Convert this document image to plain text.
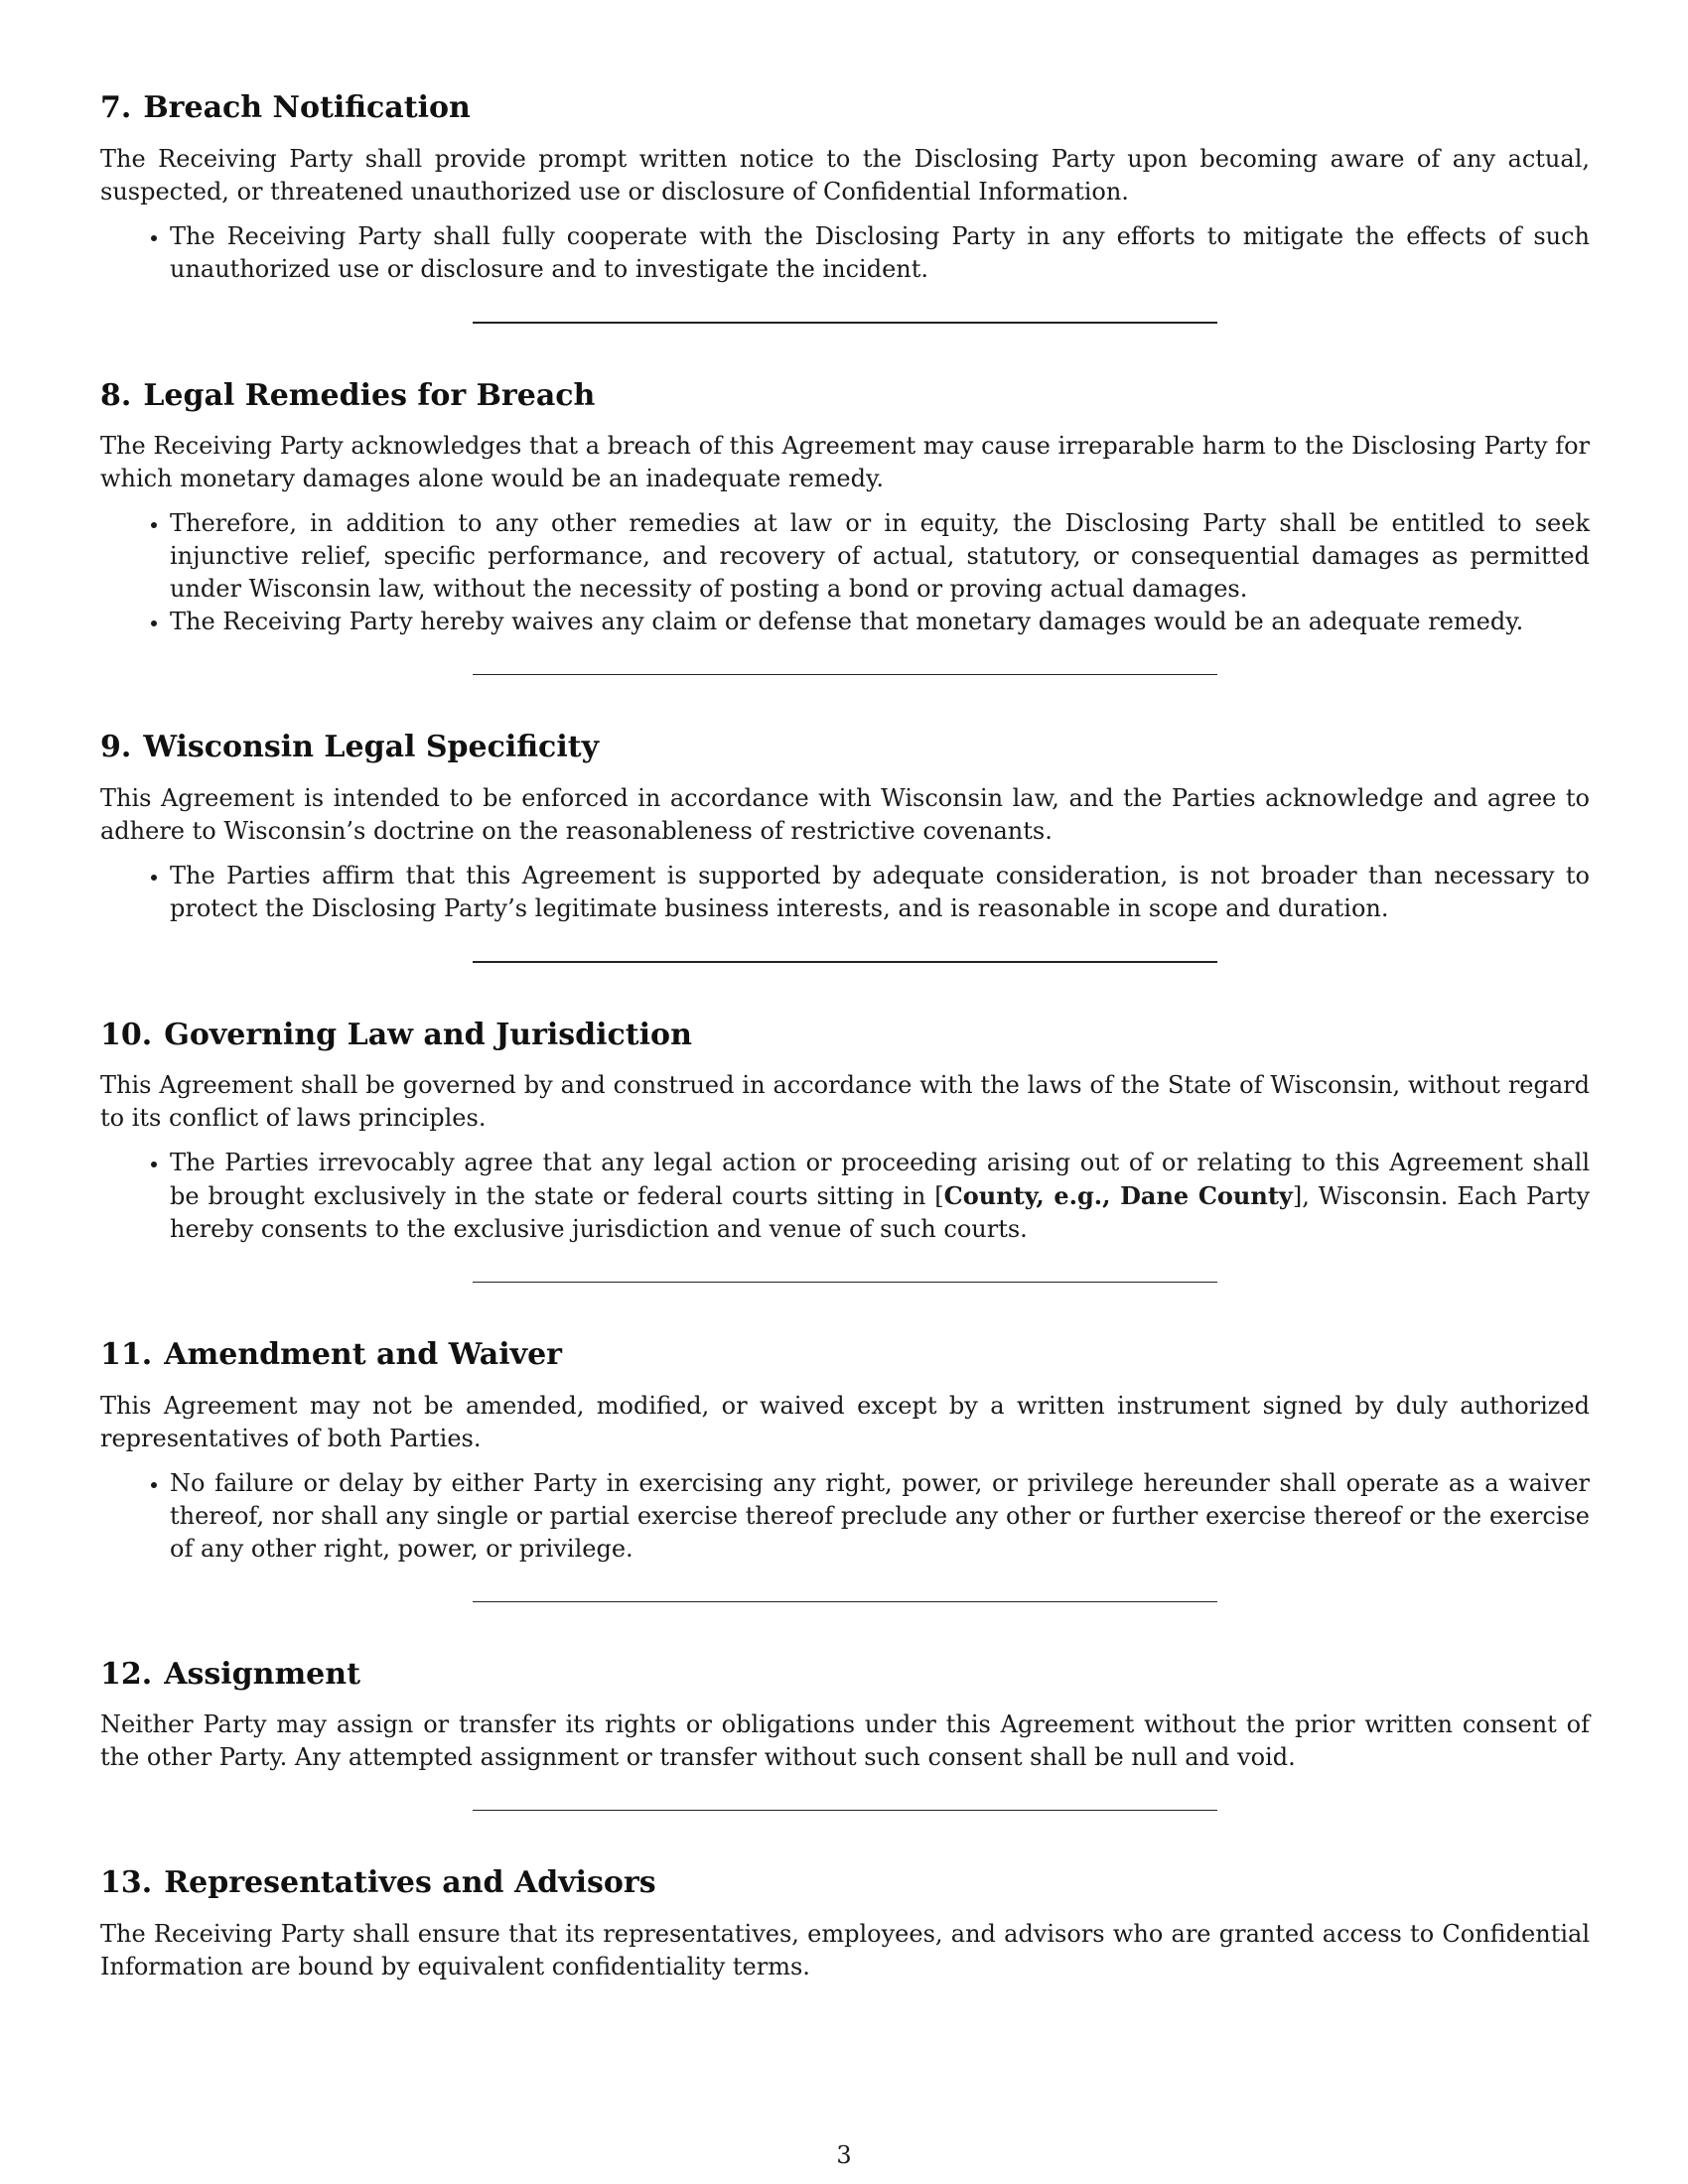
7. Breach Notification

The Receiving Party shall provide prompt written notice to the Disclosing Party upon becoming aware of any actual, suspected, or threatened unauthorized use or disclosure of Confidential Information.

• The Receiving Party shall fully cooperate with the Disclosing Party in any efforts to mitigate the effects of such unauthorized use or disclosure and to investigate the incident.
8. Legal Remedies for Breach

The Receiving Party acknowledges that a breach of this Agreement may cause irreparable harm to the Disclosing Party for which monetary damages alone would be an inadequate remedy.

• Therefore, in addition to any other remedies at law or in equity, the Disclosing Party shall be entitled to seek injunctive relief, specific performance, and recovery of actual, statutory, or consequential damages as permitted under Wisconsin law, without the necessity of posting a bond or proving actual damages.
• The Receiving Party hereby waives any claim or defense that monetary damages would be an adequate remedy.
9. Wisconsin Legal Specificity

This Agreement is intended to be enforced in accordance with Wisconsin law, and the Parties acknowledge and agree to adhere to Wisconsin’s doctrine on the reasonableness of restrictive covenants.

• The Parties affirm that this Agreement is supported by adequate consideration, is not broader than necessary to protect the Disclosing Party’s legitimate business interests, and is reasonable in scope and duration.
10. Governing Law and Jurisdiction

This Agreement shall be governed by and construed in accordance with the laws of the State of Wisconsin, without regard to its conflict of laws principles.

• The Parties irrevocably agree that any legal action or proceeding arising out of or relating to this Agreement shall be brought exclusively in the state or federal courts sitting in [County, e.g., Dane County], Wisconsin. Each Party hereby consents to the exclusive jurisdiction and venue of such courts.
11. Amendment and Waiver

This Agreement may not be amended, modified, or waived except by a written instrument signed by duly authorized representatives of both Parties.

• No failure or delay by either Party in exercising any right, power, or privilege hereunder shall operate as a waiver thereof, nor shall any single or partial exercise thereof preclude any other or further exercise thereof or the exercise of any other right, power, or privilege.
12. Assignment

Neither Party may assign or transfer its rights or obligations under this Agreement without the prior written consent of the other Party. Any attempted assignment or transfer without such consent shall be null and void.

13. Representatives and Advisors

The Receiving Party shall ensure that its representatives, employees, and advisors who are granted access to Confidential Information are bound by equivalent confidentiality terms.

3
